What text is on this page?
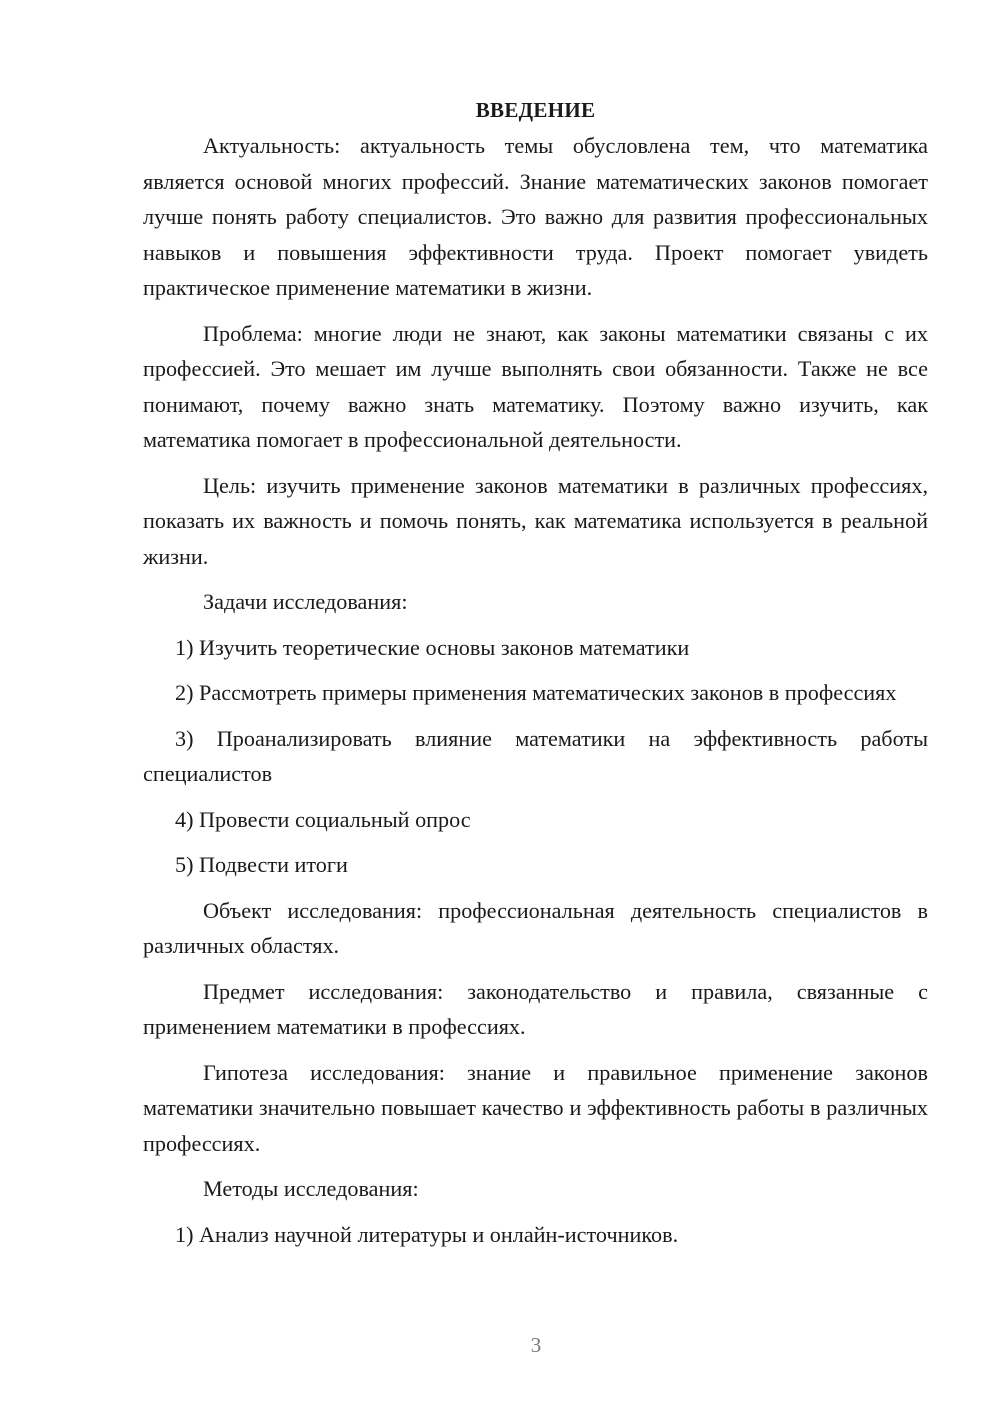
ВВЕДЕНИЕ

Актуальность: актуальность темы обусловлена тем, что математика является основой многих профессий. Знание математических законов помогает лучше понять работу специалистов. Это важно для развития профессиональных навыков и повышения эффективности труда. Проект помогает увидеть практическое применение математики в жизни.

Проблема: многие люди не знают, как законы математики связаны с их профессией. Это мешает им лучше выполнять свои обязанности. Также не все понимают, почему важно знать математику. Поэтому важно изучить, как математика помогает в профессиональной деятельности.

Цель: изучить применение законов математики в различных профессиях, показать их важность и помочь понять, как математика используется в реальной жизни.

Задачи исследования:

1) Изучить теоретические основы законов математики

2) Рассмотреть примеры применения математических законов в профессиях

3) Проанализировать влияние математики на эффективность работы специалистов

4) Провести социальный опрос

5) Подвести итоги

Объект исследования: профессиональная деятельность специалистов в различных областях.

Предмет исследования: законодательство и правила, связанные с применением математики в профессиях.

Гипотеза исследования: знание и правильное применение законов математики значительно повышает качество и эффективность работы в различных профессиях.

Методы исследования:

1) Анализ научной литературы и онлайн-источников.

3
